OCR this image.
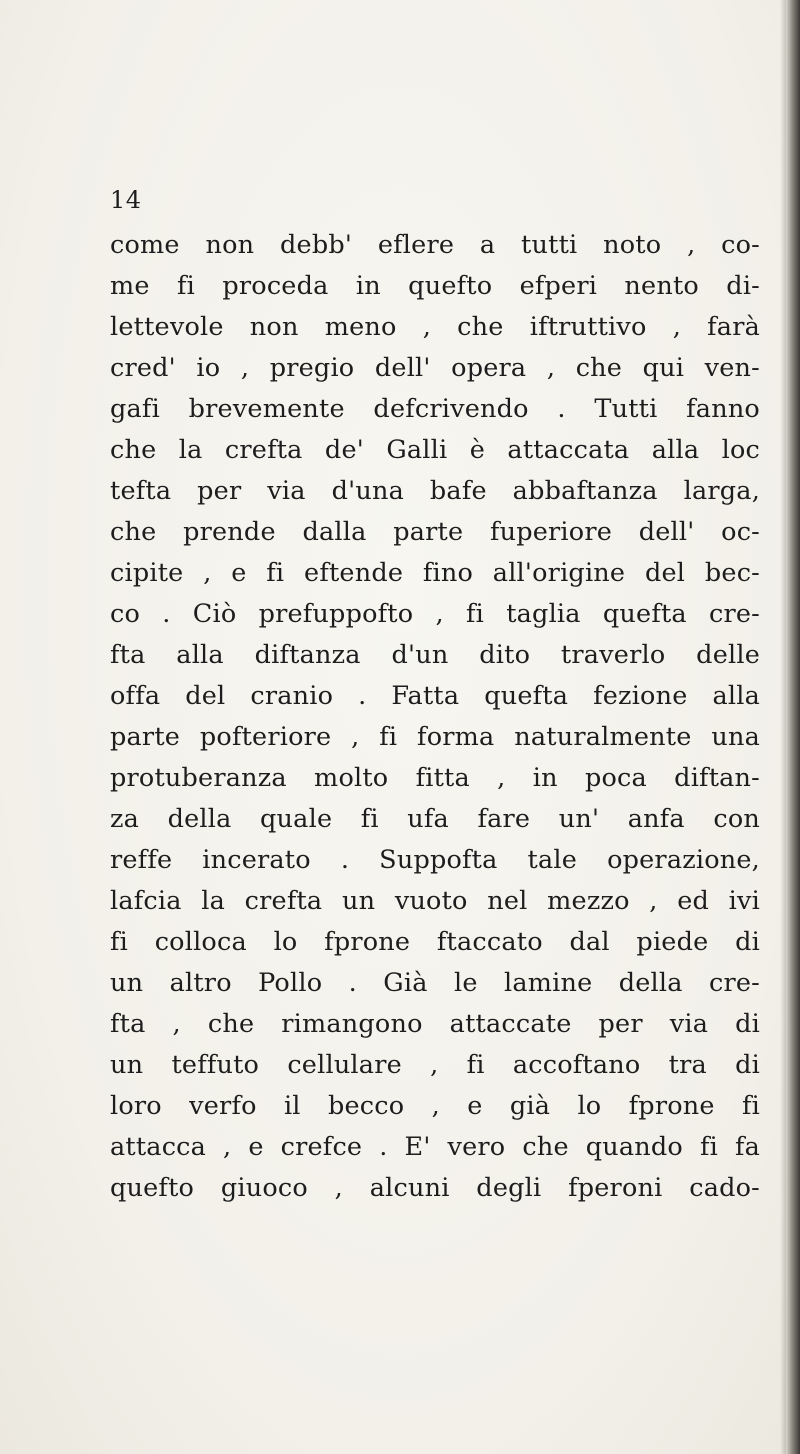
14
come non debb' eflere a tutti noto , co-
me fi proceda in quefto efperi nento di-
lettevole non meno , che iftruttivo , farà
cred' io , pregio dell' opera , che qui ven-
gafi brevemente defcrivendo . Tutti fanno
che la crefta de' Galli è attaccata alla loc
tefta per via d'una bafe abbaftanza larga,
che prende dalla parte fuperiore dell' oc-
cipite , e fi eftende fino all'origine del bec-
co . Ciò prefuppofto , fi taglia quefta cre-
fta alla diftanza d'un dito traverlo delle
offa del cranio . Fatta quefta fezione alla
parte pofteriore , fi forma naturalmente una
protuberanza molto fitta , in poca diftan-
za della quale fi ufa fare un' anfa con
reffe incerato . Suppofta tale operazione,
lafcia la crefta un vuoto nel mezzo , ed ivi
fi colloca lo fprone ftaccato dal piede di
un altro Pollo . Già le lamine della cre-
fta , che rimangono attaccate per via di
un teffuto cellulare , fi accoftano tra di
loro verfo il becco , e già lo fprone fi
attacca , e crefce . E' vero che quando fi fa
quefto giuoco , alcuni degli fperoni cado-
